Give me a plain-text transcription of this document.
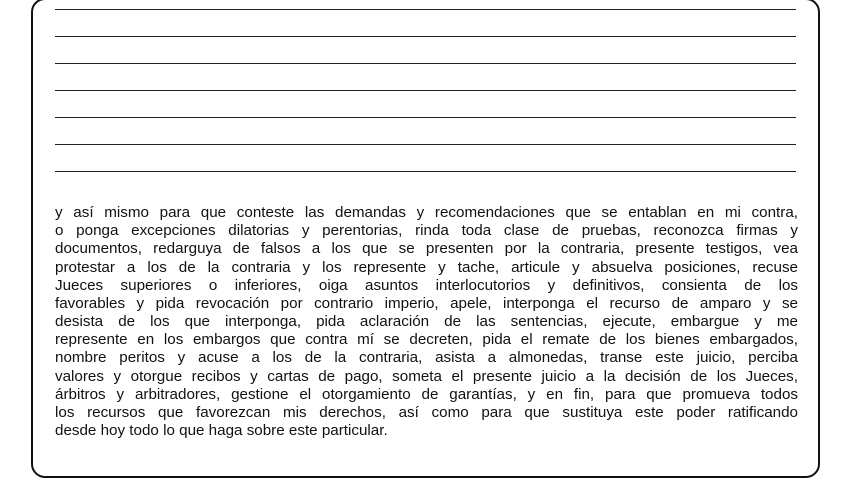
y así mismo para que conteste las demandas y recomendaciones que se entablan en mi contra,
o ponga excepciones dilatorias y perentorias, rinda toda clase de pruebas, reconozca firmas y
documentos, redarguya de falsos a los que se presenten por la contraria, presente testigos, vea
protestar a los de la contraria y los represente y tache, articule y absuelva posiciones, recuse
Jueces superiores o inferiores, oiga asuntos interlocutorios y definitivos, consienta de los
favorables y pida revocación por contrario imperio, apele, interponga el recurso de amparo y se
desista de los que interponga, pida aclaración de las sentencias, ejecute, embargue y me
represente en los embargos que contra mí se decreten, pida el remate de los bienes embargados,
nombre peritos y acuse a los de la contraria, asista a almonedas, transe este juicio, perciba
valores y otorgue recibos y cartas de pago, someta el presente juicio a la decisión de los Jueces,
árbitros y arbitradores, gestione el otorgamiento de garantías, y en fin, para que promueva todos
los recursos que favorezcan mis derechos, así como para que sustituya este poder ratificando
desde hoy todo lo que haga sobre este particular.
